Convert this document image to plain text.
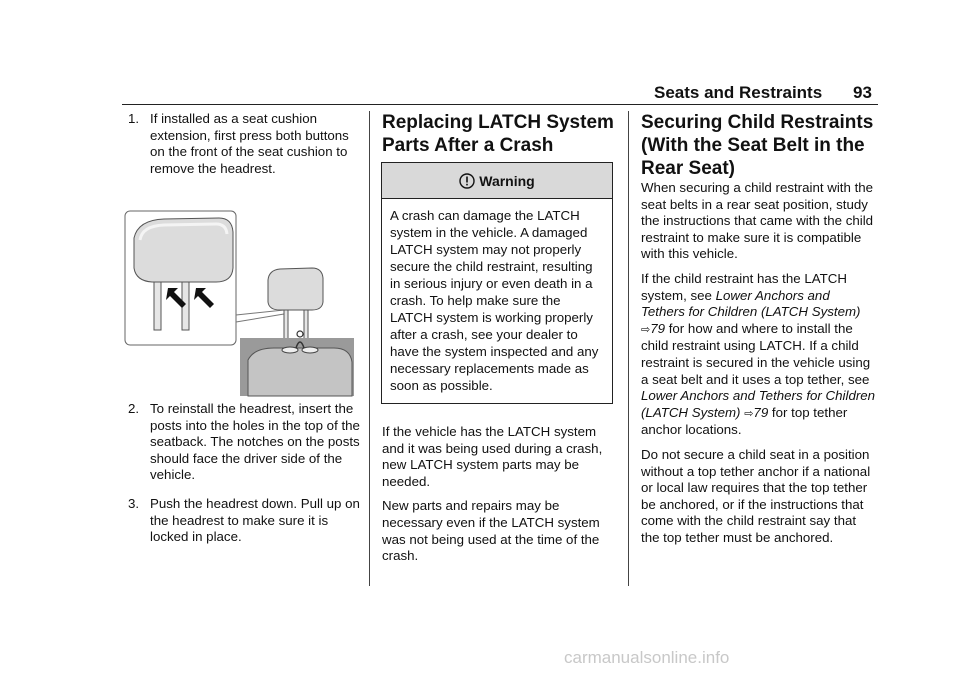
Seats and Restraints 93
1. If installed as a seat cushion extension, first press both buttons on the front of the seat cushion to remove the headrest.
2. To reinstall the headrest, insert the posts into the holes in the top of the seatback. The notches on the posts should face the driver side of the vehicle.
3. Push the headrest down. Pull up on the headrest to make sure it is locked in place.
Replacing LATCH System
Parts After a Crash
Warning
A crash can damage the LATCH system in the vehicle. A damaged LATCH system may not properly secure the child restraint, resulting in serious injury or even death in a crash. To help make sure the LATCH system is working properly after a crash, see your dealer to have the system inspected and any necessary replacements made as soon as possible.

If the vehicle has the LATCH system and it was being used during a crash, new LATCH system parts may be needed.

New parts and repairs may be necessary even if the LATCH system was not being used at the time of the crash.

Securing Child Restraints
(With the Seat Belt in the
Rear Seat)

When securing a child restraint with the seat belts in a rear seat position, study the instructions that came with the child restraint to make sure it is compatible with this vehicle.

If the child restraint has the LATCH system, see Lower Anchors and Tethers for Children (LATCH System) ⇨79 for how and where to install the child restraint using LATCH. If a child restraint is secured in the vehicle using a seat belt and it uses a top tether, see Lower Anchors and Tethers for Children (LATCH System) ⇨79 for top tether anchor locations.

Do not secure a child seat in a position without a top tether anchor if a national or local law requires that the top tether be anchored, or if the instructions that come with the child restraint say that the top tether must be anchored.

carmanualsonline.info
